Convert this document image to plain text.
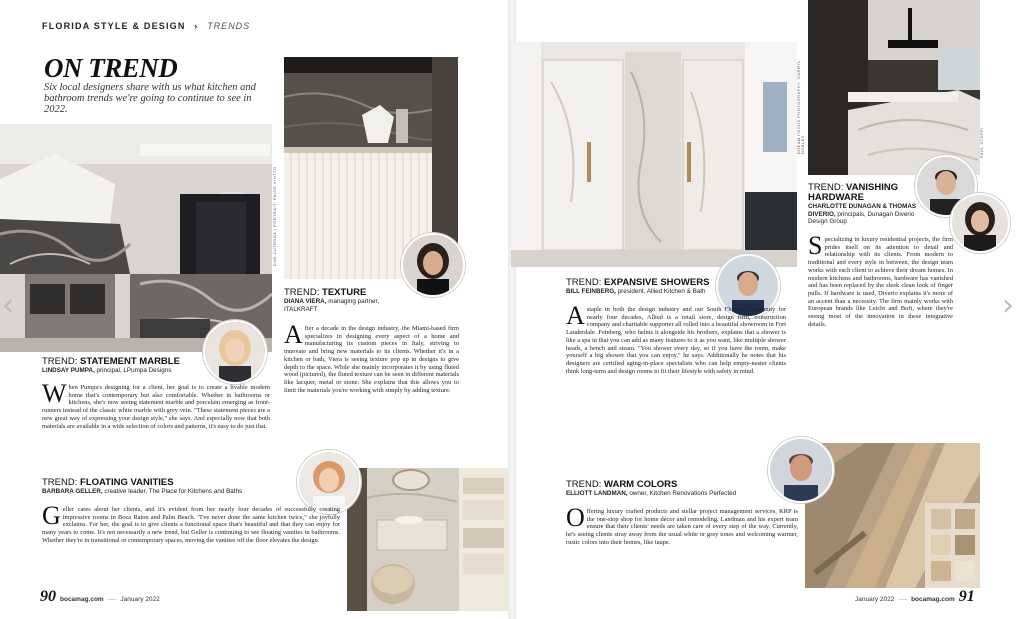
FLORIDA STYLE & DESIGN › TRENDS
ON TREND
Six local designers share with us what kitchen and bathroom trends we're going to continue to see in 2022.
DAN CUTRONA | PORTRAIT: PAIGE VIOTTO
DREAM FOCUS PHOTOGRAPHY, DARRYL NOBLES	PAUL STOPPI
TREND: STATEMENT MARBLE
LINDSAY PUMPA, principal, LPumpa Designs

When Pumpa's designing for a client, her goal is to create a livable modern home that's contemporary but also comfortable. Whether in bathrooms or kitchens, she's now seeing statement marble and porcelain emerging as front-runners instead of the classic white marble with grey vein. "These statement pieces are a new great way of expressing your design style," she says. And especially now that both materials are available in a wide selection of colors and patterns, it's easy to do just that.

TREND: TEXTURE
DIANA VIERA, managing partner, ITALKRAFT

After a decade in the design industry, the Miami-based firm specializes in designing every aspect of a home and manufacturing its custom pieces in Italy, striving to innovate and bring new materials to its clients. Whether it's in a kitchen or bath, Viera is seeing texture pop up in designs to give depth to the space. While she mainly incorporates it by using fluted wood (pictured), the fluted texture can be seen in different materials like lacquer, metal or stone. She explains that this allows you to limit the materials you're working with simply by adding texture.

TREND: FLOATING VANITIES
BARBARA GELLER, creative leader, The Place for Kitchens and Baths

Geller cares about her clients, and it's evident from her nearly four decades of successfully creating impressive rooms in Boca Raton and Palm Beach. "I've never done the same kitchen twice," she joyfully exclaims. For her, the goal is to give clients a functional space that's beautiful and that they can enjoy for many years to come. It's not necessarily a new trend, but Geller is continuing to see floating vanities in bathrooms. Whether they're in transitional or contemporary spaces, moving the vanities off the floor elevates the design.

TREND: EXPANSIVE SHOWERS
BILL FEINBERG, president, Allied Kitchen & Bath

Astaple in both the design industry and our South Florida community for nearly four decades, Allied is a retail store, design firm, construction company and charitable supporter all rolled into a beautiful showroom in Fort Lauderdale. Feinberg, who helms it alongside his brothers, explains that a shower is like a spa in that you can add as many features to it as you want, like multiple shower heads, a bench and steam. "You shower every day, so if you have the room, make yourself a big shower that you can enjoy," he says. Additionally he notes that his designers are certified aging-in-place specialists who can help empty-nester clients think long-term and design rooms to fit their lifestyle with safety in mind.

TREND: VANISHING HARDWARE
CHARLOTTE DUNAGAN & THOMAS DIVERIO, principals, Dunagan Diverio Design Group

Specializing in luxury residential projects, the firm prides itself on its attention to detail and relationship with its clients. From modern to traditional and every style in between, the design team works with each client to achieve their dream homes. In modern kitchens and bathrooms, hardware has vanished and has been replaced by the sleek clean look of finger pulls. If hardware is used, Diverio explains it's more of an accent than a necessity. The firm mainly works with European brands like Leicht and Bofi, where they're seeing most of the innovation in these integrative details.

TREND: WARM COLORS
ELLIOTT LANDMAN, owner, Kitchen Renovations Perfected

Offering luxury crafted products and stellar project management services, KRP is the one-stop shop for home décor and remodeling. Landman and his expert team ensure that their clients' needs are taken care of every step of the way. Currently, he's seeing clients stray away from the usual white or grey tones and welcoming warmer, rustic colors into their homes, like taupe.

90 bocamag.com ---- January 2022	January 2022 ---- bocamag.com 91
‹	›
